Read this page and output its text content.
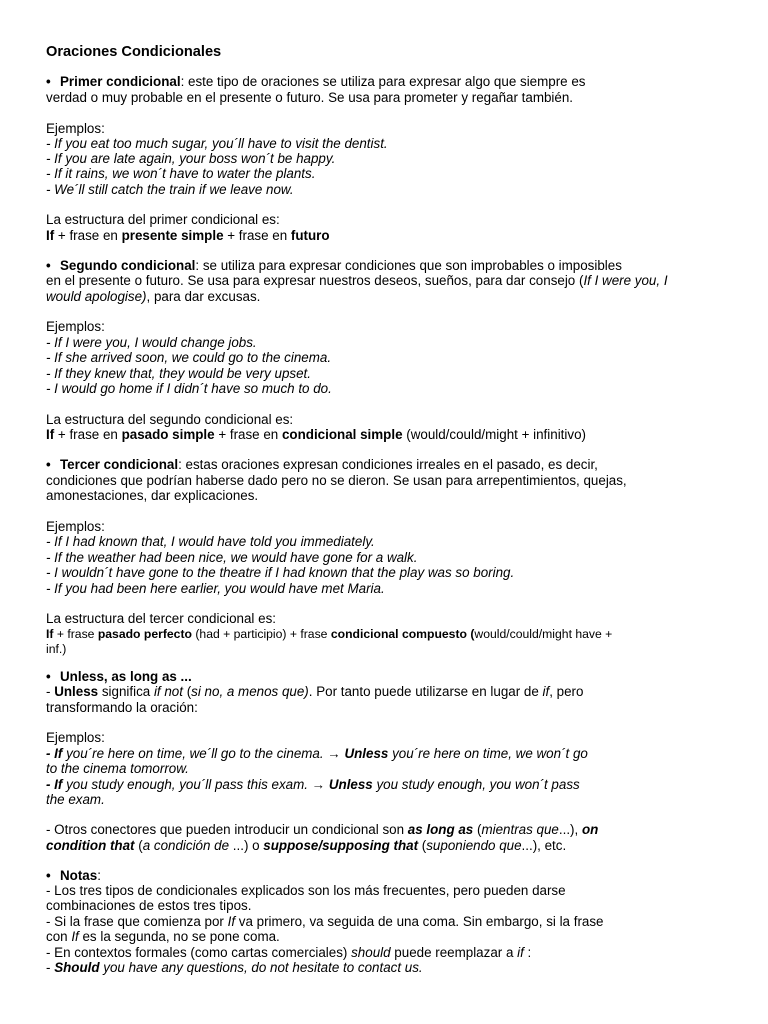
Oraciones Condicionales
• Primer condicional: este tipo de oraciones se utiliza para expresar algo que siempre es
verdad o muy probable en el presente o futuro. Se usa para prometer y regañar también.
Ejemplos:
- If you eat too much sugar, you´ll have to visit the dentist.
- If you are late again, your boss won´t be happy.
- If it rains, we won´t have to water the plants.
- We´ll still catch the train if we leave now.
La estructura del primer condicional es:
If + frase en presente simple + frase en futuro
• Segundo condicional: se utiliza para expresar condiciones que son improbables o imposibles
en el presente o futuro. Se usa para expresar nuestros deseos, sueños, para dar consejo (If I were you, I
would apologise), para dar excusas.
Ejemplos:
- If I were you, I would change jobs.
- If she arrived soon, we could go to the cinema.
- If they knew that, they would be very upset.
- I would go home if I didn´t have so much to do.
La estructura del segundo condicional es:
If + frase en pasado simple + frase en condicional simple (would/could/might + infinitivo)
• Tercer condicional: estas oraciones expresan condiciones irreales en el pasado, es decir,
condiciones que podrían haberse dado pero no se dieron. Se usan para arrepentimientos, quejas,
amonestaciones, dar explicaciones.
Ejemplos:
- If I had known that, I would have told you immediately.
- If the weather had been nice, we would have gone for a walk.
- I wouldn´t have gone to the theatre if I had known that the play was so boring.
- If you had been here earlier, you would have met Maria.
La estructura del tercer condicional es:
If + frase pasado perfecto (had + participio) + frase condicional compuesto (would/could/might have +
inf.)
• Unless, as long as ...
- Unless significa if not (si no, a menos que). Por tanto puede utilizarse en lugar de if, pero
transformando la oración:
Ejemplos:
- If you´re here on time, we´ll go to the cinema. → Unless you´re here on time, we won´t go
to the cinema tomorrow.
- If you study enough, you´ll pass this exam. → Unless you study enough, you won´t pass
the exam.
- Otros conectores que pueden introducir un condicional son as long as (mientras que...), on
condition that (a condición de ...) o suppose/supposing that (suponiendo que...), etc.
• Notas:
- Los tres tipos de condicionales explicados son los más frecuentes, pero pueden darse
combinaciones de estos tres tipos.
- Si la frase que comienza por If va primero, va seguida de una coma. Sin embargo, si la frase
con If es la segunda, no se pone coma.
- En contextos formales (como cartas comerciales) should puede reemplazar a if :
- Should you have any questions, do not hesitate to contact us.
